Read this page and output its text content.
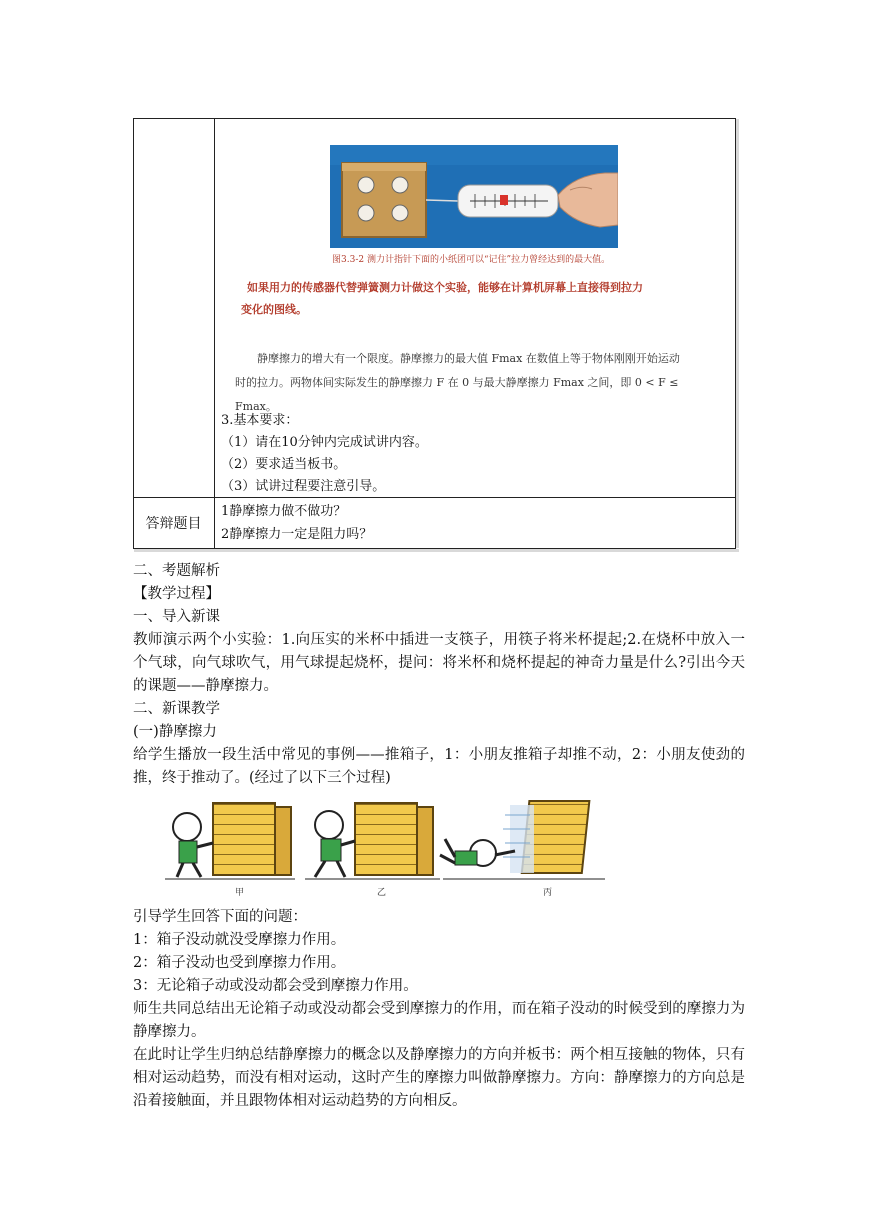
图3.3-2 测力计指针下面的小纸团可以“记住”拉力曾经达到的最大值。
如果用力的传感器代替弹簧测力计做这个实验，能够在计算机屏幕上直接得到拉力
变化的图线。
静摩擦力的增大有一个限度。静摩擦力的最大值 Fmax 在数值上等于物体刚刚开始运动
时的拉力。两物体间实际发生的静摩擦力 F 在 0 与最大静摩擦力 Fmax 之间，即 0 < F ≤ Fmax。
3.基本要求：
（1）请在10分钟内完成试讲内容。
（2）要求适当板书。
（3）试讲过程要注意引导。
答辩题目
1静摩擦力做不做功？
2静摩擦力一定是阻力吗？

二、考题解析

【教学过程】

一、导入新课

教师演示两个小实验：1.向压实的米杯中插进一支筷子，用筷子将米杯提起;2.在烧杯中放入一个气球，向气球吹气，用气球提起烧杯，提问：将米杯和烧杯提起的神奇力量是什么?引出今天的课题——静摩擦力。

二、新课教学

(一)静摩擦力

给学生播放一段生活中常见的事例——推箱子，1：小朋友推箱子却推不动，2：小朋友使劲的推，终于推动了。(经过了以下三个过程)

甲	乙	丙

引导学生回答下面的问题：

1：箱子没动就没受摩擦力作用。

2：箱子没动也受到摩擦力作用。

3：无论箱子动或没动都会受到摩擦力作用。

师生共同总结出无论箱子动或没动都会受到摩擦力的作用，而在箱子没动的时候受到的摩擦力为静摩擦力。

在此时让学生归纳总结静摩擦力的概念以及静摩擦力的方向并板书：两个相互接触的物体，只有相对运动趋势，而没有相对运动，这时产生的摩擦力叫做静摩擦力。方向：静摩擦力的方向总是沿着接触面，并且跟物体相对运动趋势的方向相反。
